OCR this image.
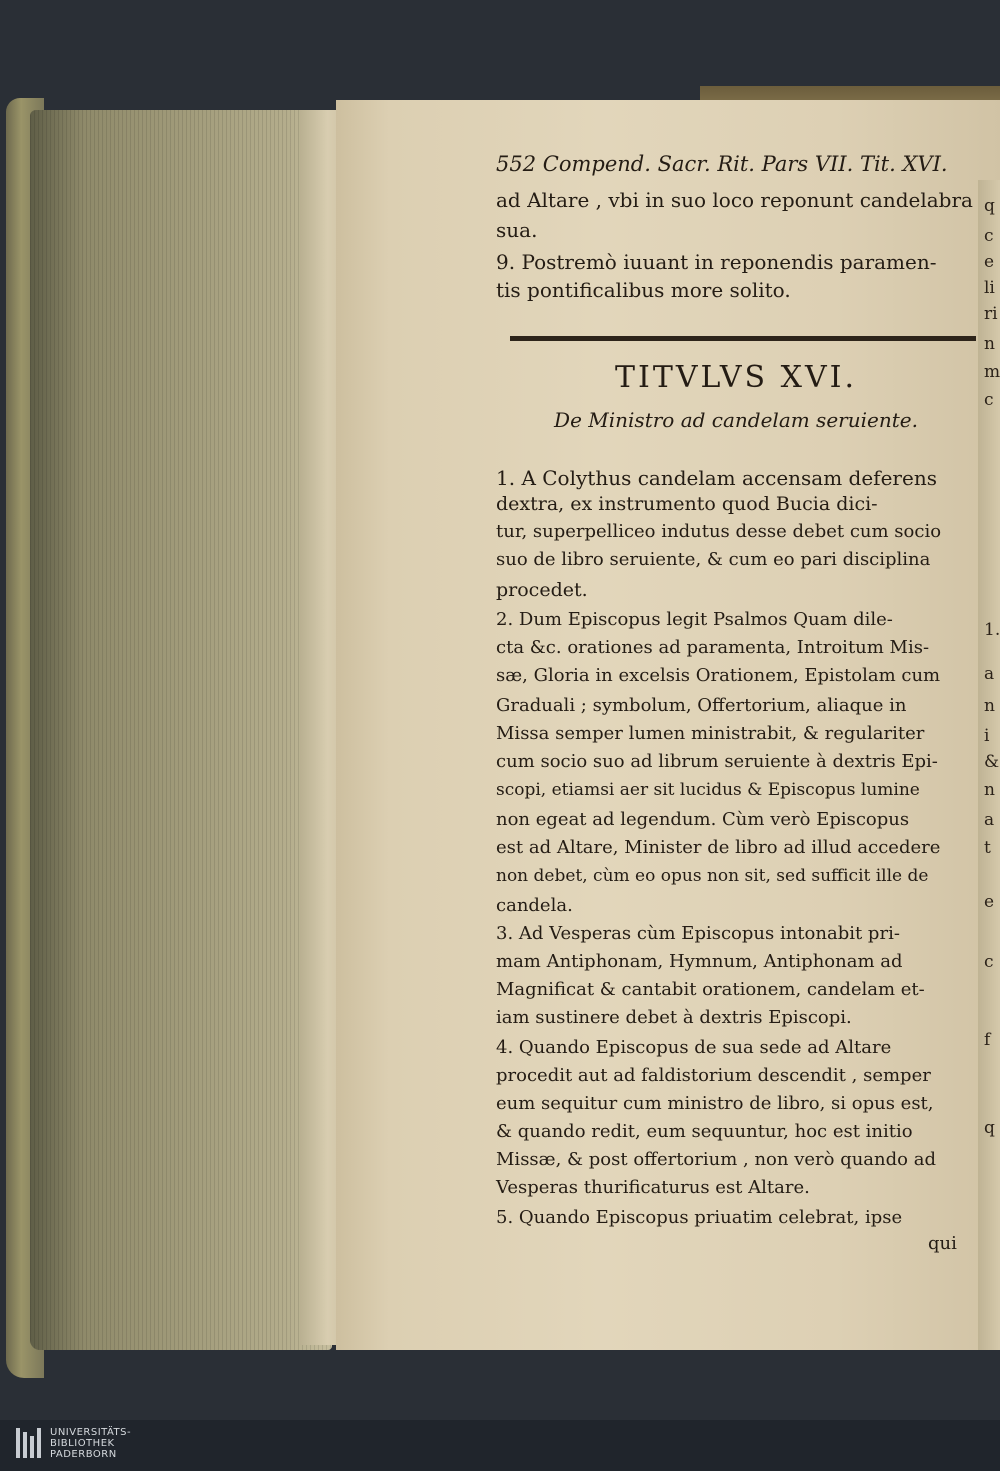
552 Compend. Sacr. Rit. Pars VII. Tit. XVI.
ad Altare , vbi in suo loco reponunt candelabra
sua.
9. Postremò iuuant in reponendis paramen-
tis pontificalibus more solito.
TITVLVS XVI.
De Ministro ad candelam seruiente.
1. A Colythus candelam accensam deferens
dextra, ex instrumento quod Bucia dici-
tur, superpelliceo indutus desse debet cum socio
suo de libro seruiente, & cum eo pari disciplina
procedet.
2. Dum Episcopus legit Psalmos Quam dile-
cta &c. orationes ad paramenta, Introitum Mis-
sæ, Gloria in excelsis Orationem, Epistolam cum
Graduali ; symbolum, Offertorium, aliaque in
Missa semper lumen ministrabit, & regulariter
cum socio suo ad librum seruiente à dextris Epi-
scopi, etiamsi aer sit lucidus & Episcopus lumine
non egeat ad legendum. Cùm verò Episcopus
est ad Altare, Minister de libro ad illud accedere
non debet, cùm eo opus non sit, sed sufficit ille de
candela.
3. Ad Vesperas cùm Episcopus intonabit pri-
mam Antiphonam, Hymnum, Antiphonam ad
Magnificat & cantabit orationem, candelam et-
iam sustinere debet à dextris Episcopi.
4. Quando Episcopus de sua sede ad Altare
procedit aut ad faldistorium descendit , semper
eum sequitur cum ministro de libro, si opus est,
& quando redit, eum sequuntur, hoc est initio
Missæ, & post offertorium , non verò quando ad
Vesperas thurificaturus est Altare.
5. Quando Episcopus priuatim celebrat, ipse
qui
q
c
e
li
ri
n
m
c
1.
a
n
i
&
n
a
t
e
c
f
q
UNIVERSITÄTS-
BIBLIOTHEK
PADERBORN
